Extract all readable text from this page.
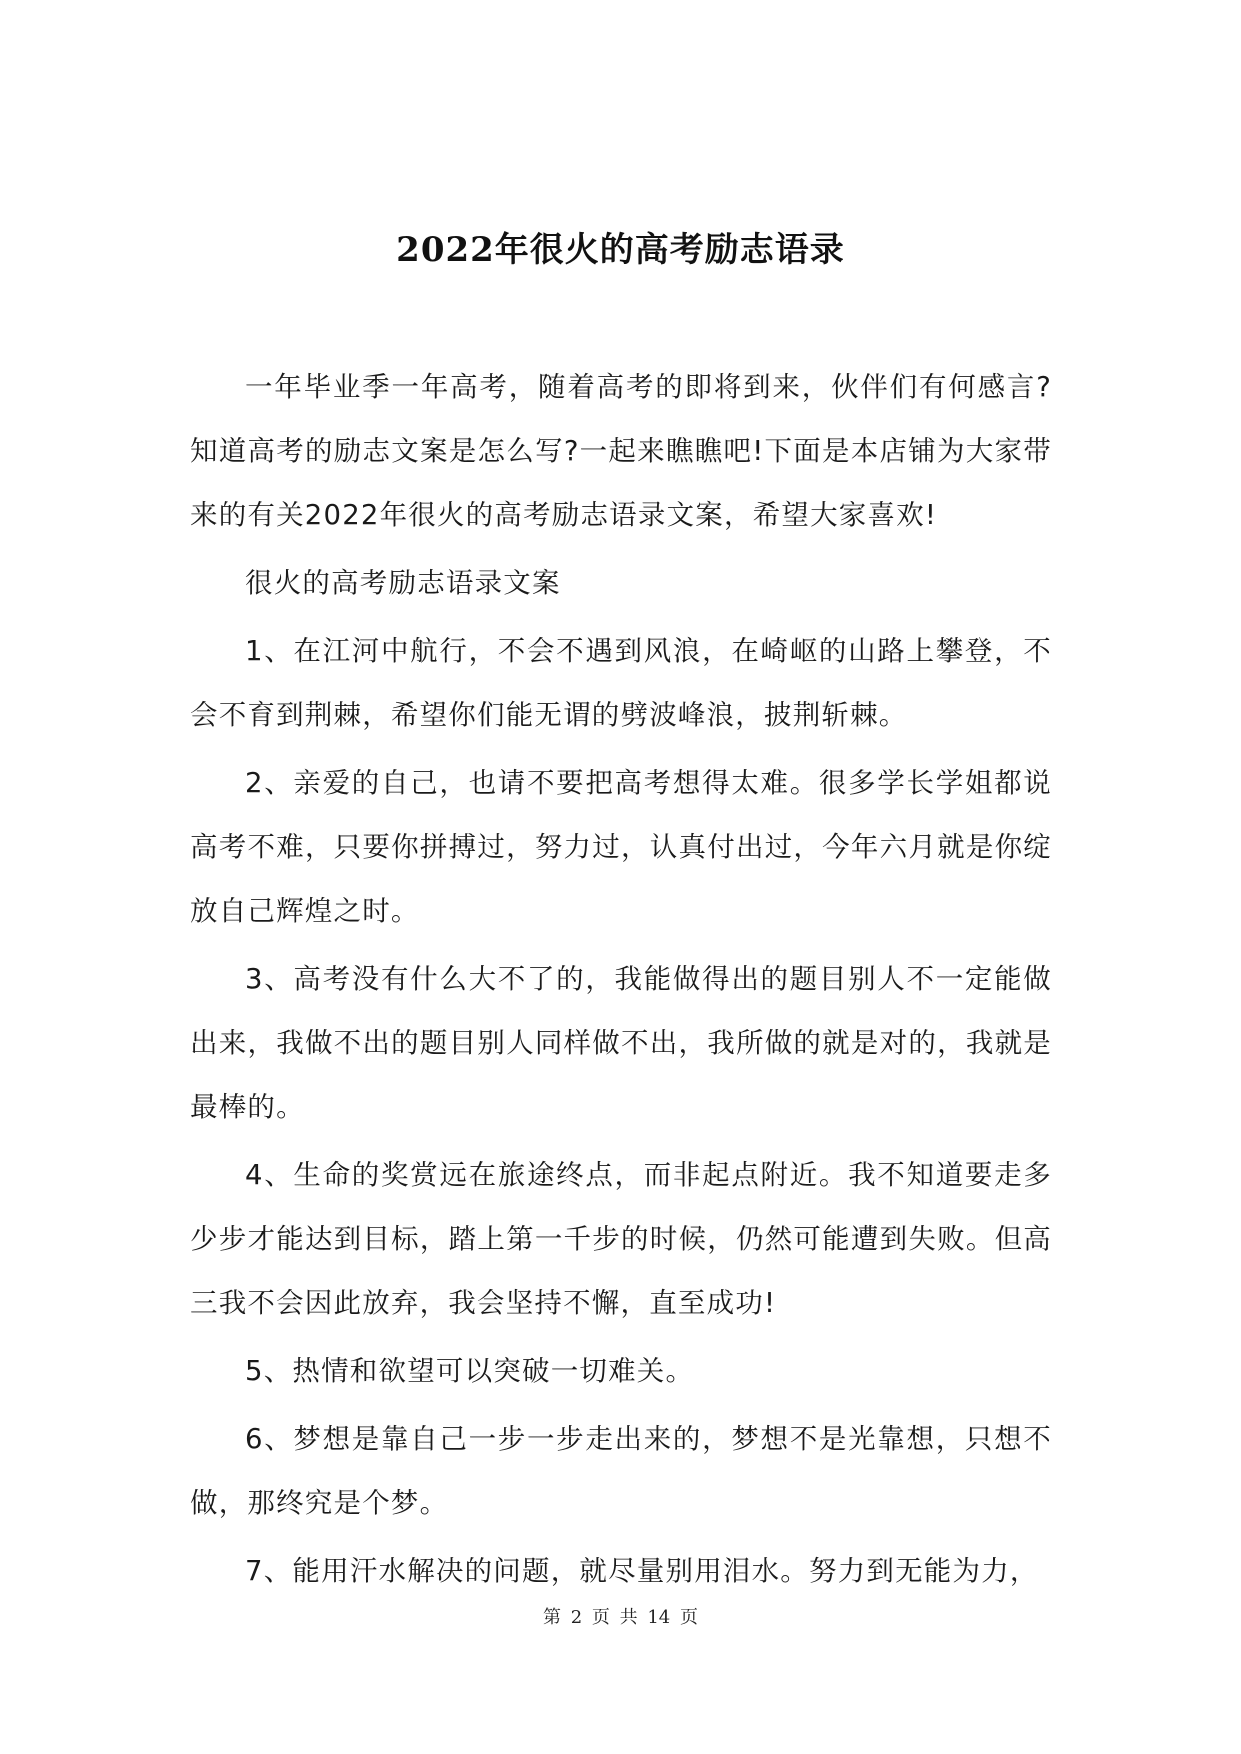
2022年很火的高考励志语录

一年毕业季一年高考，随着高考的即将到来，伙伴们有何感言?知道高考的励志文案是怎么写?一起来瞧瞧吧!下面是本店铺为大家带来的有关2022年很火的高考励志语录文案，希望大家喜欢!

很火的高考励志语录文案

1、在江河中航行，不会不遇到风浪，在崎岖的山路上攀登，不会不育到荆棘，希望你们能无谓的劈波峰浪，披荆斩棘。

2、亲爱的自己，也请不要把高考想得太难。很多学长学姐都说高考不难，只要你拼搏过，努力过，认真付出过，今年六月就是你绽放自己辉煌之时。

3、高考没有什么大不了的，我能做得出的题目别人不一定能做出来，我做不出的题目别人同样做不出，我所做的就是对的，我就是最棒的。

4、生命的奖赏远在旅途终点，而非起点附近。我不知道要走多少步才能达到目标，踏上第一千步的时候，仍然可能遭到失败。但高三我不会因此放弃，我会坚持不懈，直至成功!

5、热情和欲望可以突破一切难关。

6、梦想是靠自己一步一步走出来的，梦想不是光靠想，只想不做，那终究是个梦。

7、能用汗水解决的问题，就尽量别用泪水。努力到无能为力，

第 2 页 共 14 页
